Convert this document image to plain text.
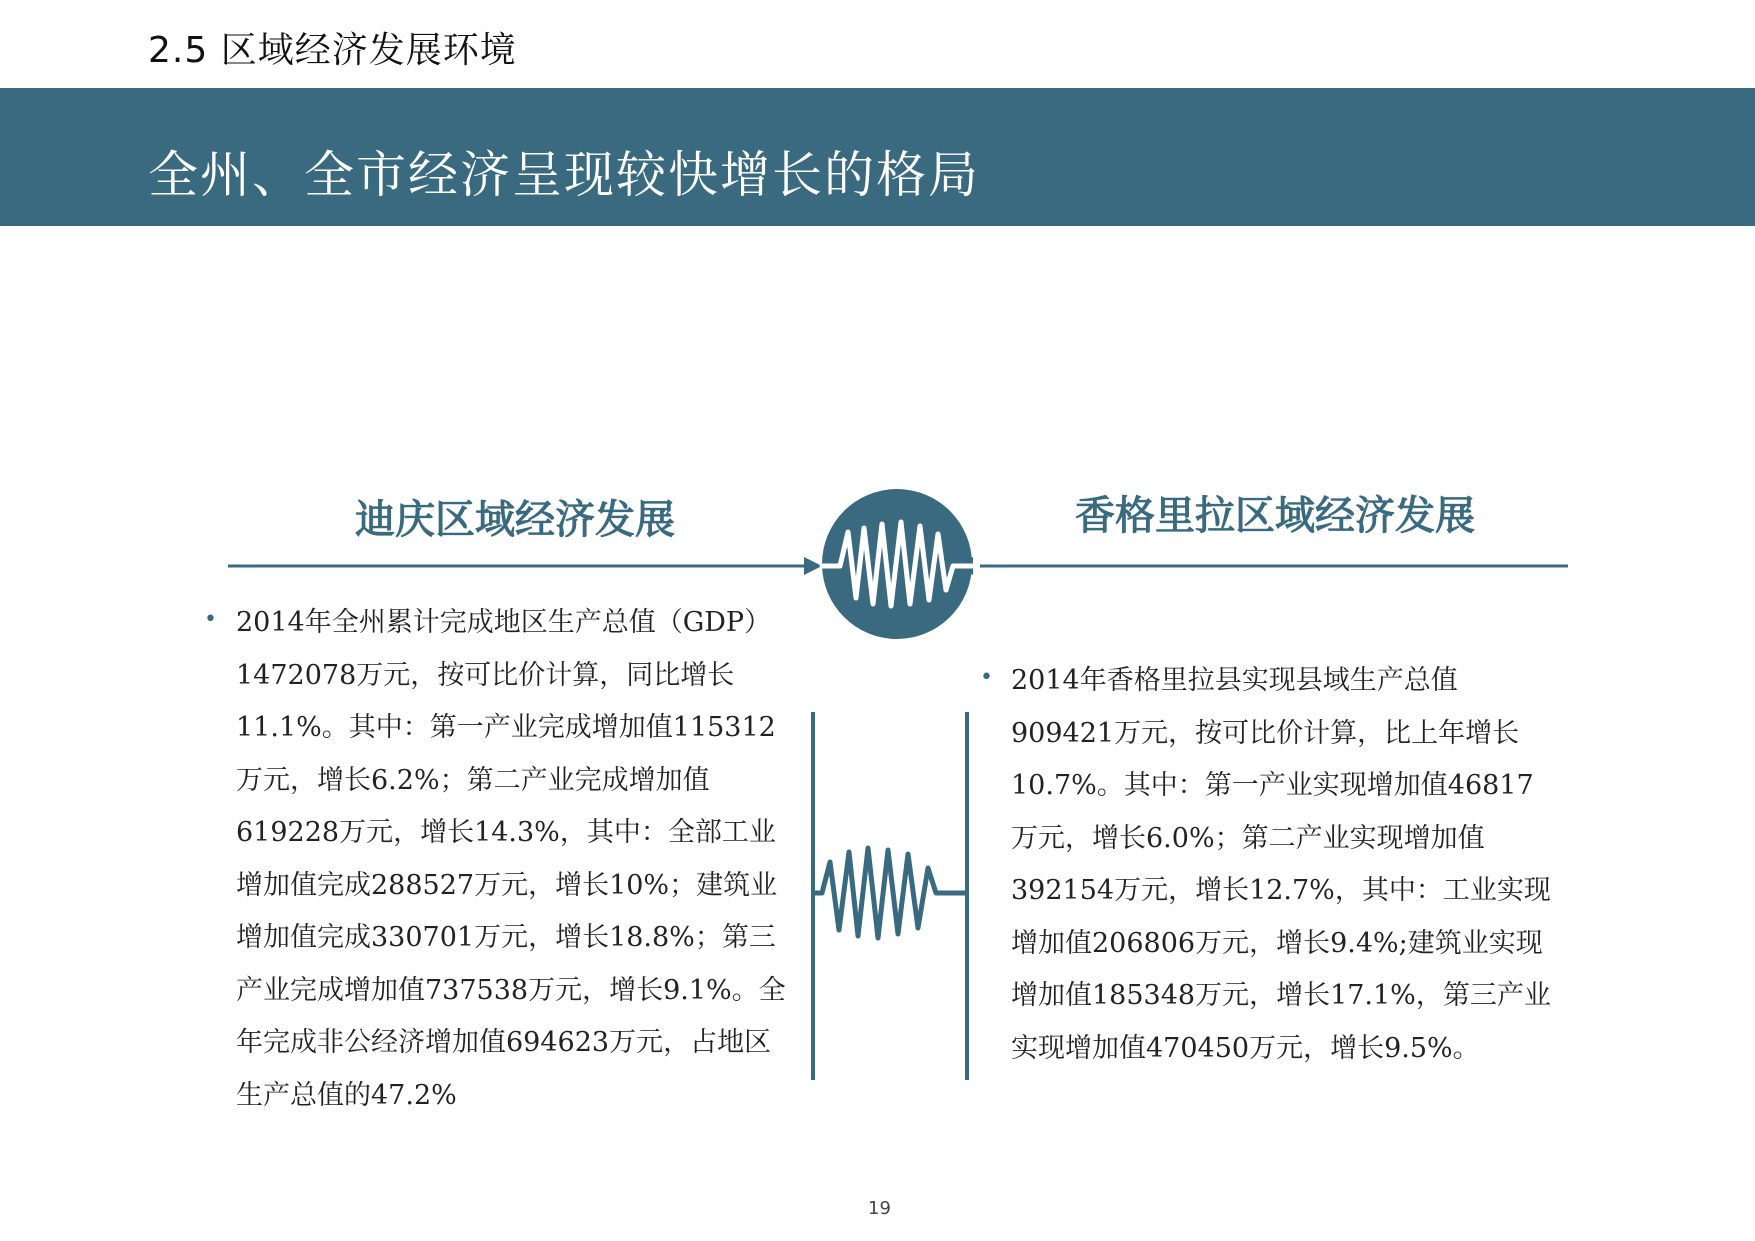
2.5 区域经济发展环境
全州、全市经济呈现较快增长的格局
迪庆区域经济发展	香格里拉区域经济发展
• 2014年全州累计完成地区生产总值（GDP）
1472078万元，按可比价计算，同比增长
11.1%。其中：第一产业完成增加值115312
万元，增长6.2%；第二产业完成增加值
619228万元，增长14.3%，其中：全部工业
增加值完成288527万元，增长10%；建筑业
增加值完成330701万元，增长18.8%；第三
产业完成增加值737538万元，增长9.1%。全
年完成非公经济增加值694623万元，占地区
生产总值的47.2%
• 2014年香格里拉县实现县域生产总值
909421万元，按可比价计算，比上年增长
10.7%。其中：第一产业实现增加值46817
万元，增长6.0%；第二产业实现增加值
392154万元，增长12.7%，其中：工业实现
增加值206806万元，增长9.4%;建筑业实现
增加值185348万元，增长17.1%，第三产业
实现增加值470450万元，增长9.5%。
19
